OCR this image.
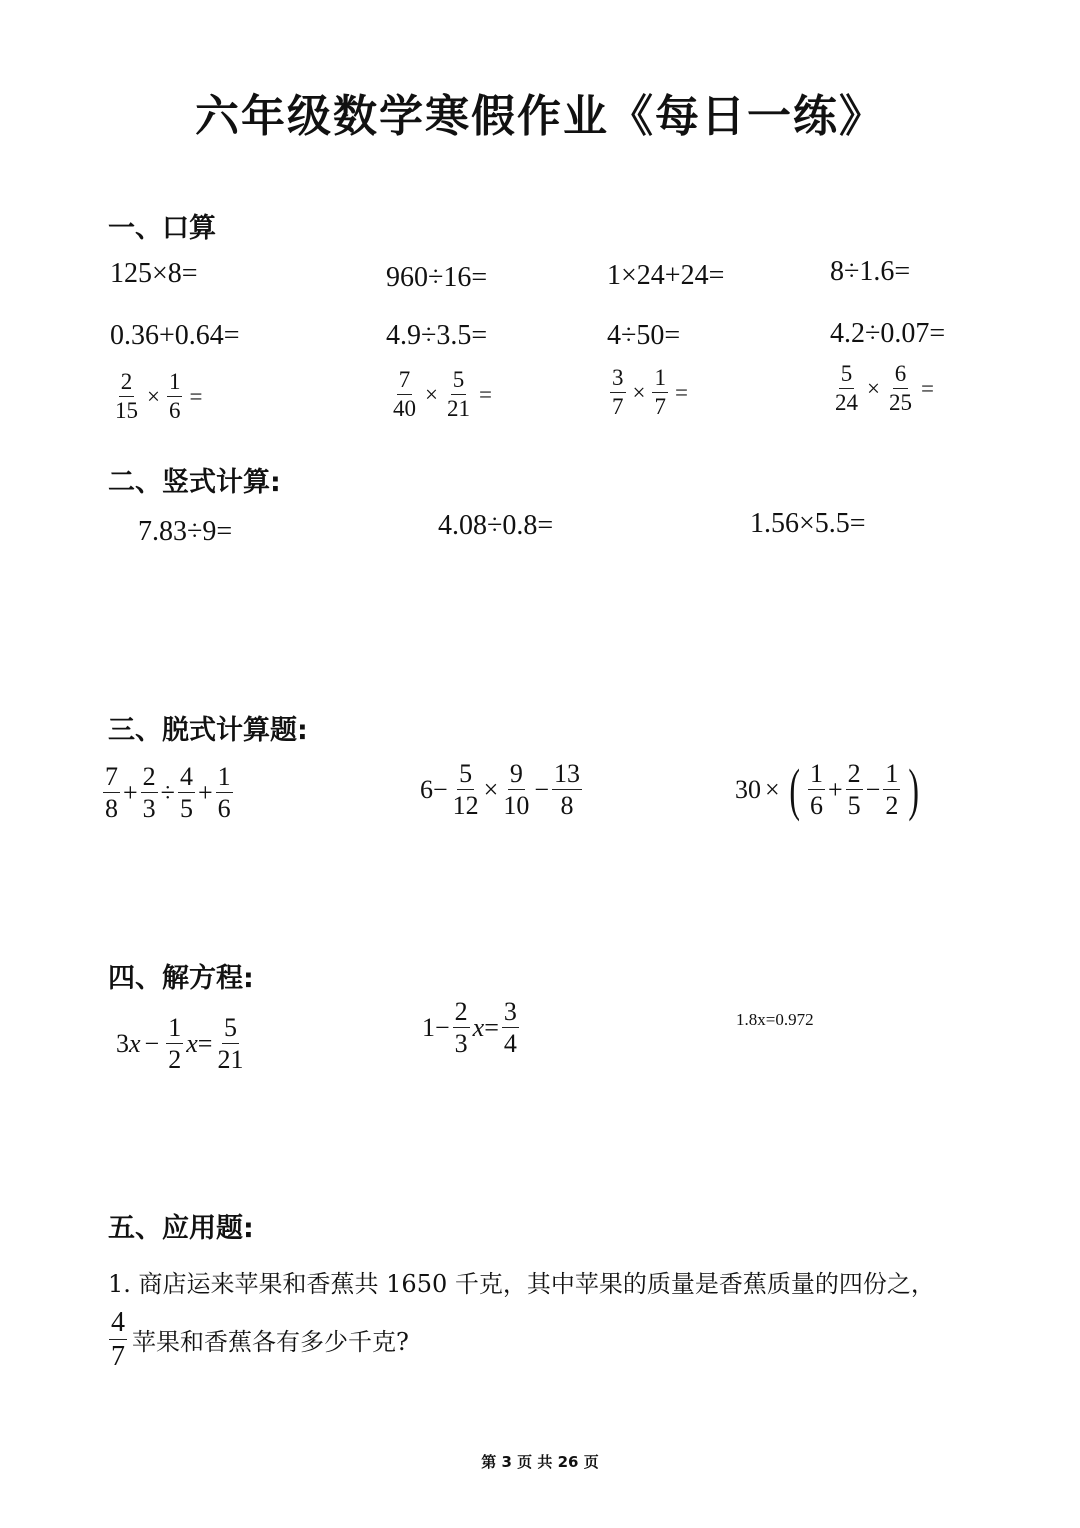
六年级数学寒假作业《每日一练》
一、口算
125×8=	960÷16=	1×24+24=	8÷1.6=
0.36+0.64=	4.9÷3.5=	4÷50=	4.2÷0.07=
$\frac{2}{15} \times \frac{1}{6}$ =	$\frac{7}{40} \times \frac{5}{21}$ =	$\frac{3}{7} \times \frac{1}{7}$ =	$\frac{5}{24} \times \frac{6}{25}$ =
二、竖式计算:
7.83÷9=	4.08÷0.8=	1.56×5.5=
三、脱式计算题:
$\frac{7}{8} + \frac{2}{3} \div \frac{4}{5} + \frac{1}{6}$	$6 - \frac{5}{12} \times \frac{9}{10} - \frac{13}{8}$	30 × ( $\frac{1}{6} + \frac{2}{5} - \frac{1}{2}$ )
四、解方程:
3 $x - \frac{1}{2}$ $x = \frac{5}{21}$	$1 - \frac{2}{3}$ $x = \frac{3}{4}$	1.8x=0.972
五、应用题:
1. 商店运来苹果和香蕉共 1650 千克，其中苹果的质量是香蕉质量的四份之，
$\frac{4}{7}$ 苹果和香蕉各有多少千克?
第 3 页 共 26 页
